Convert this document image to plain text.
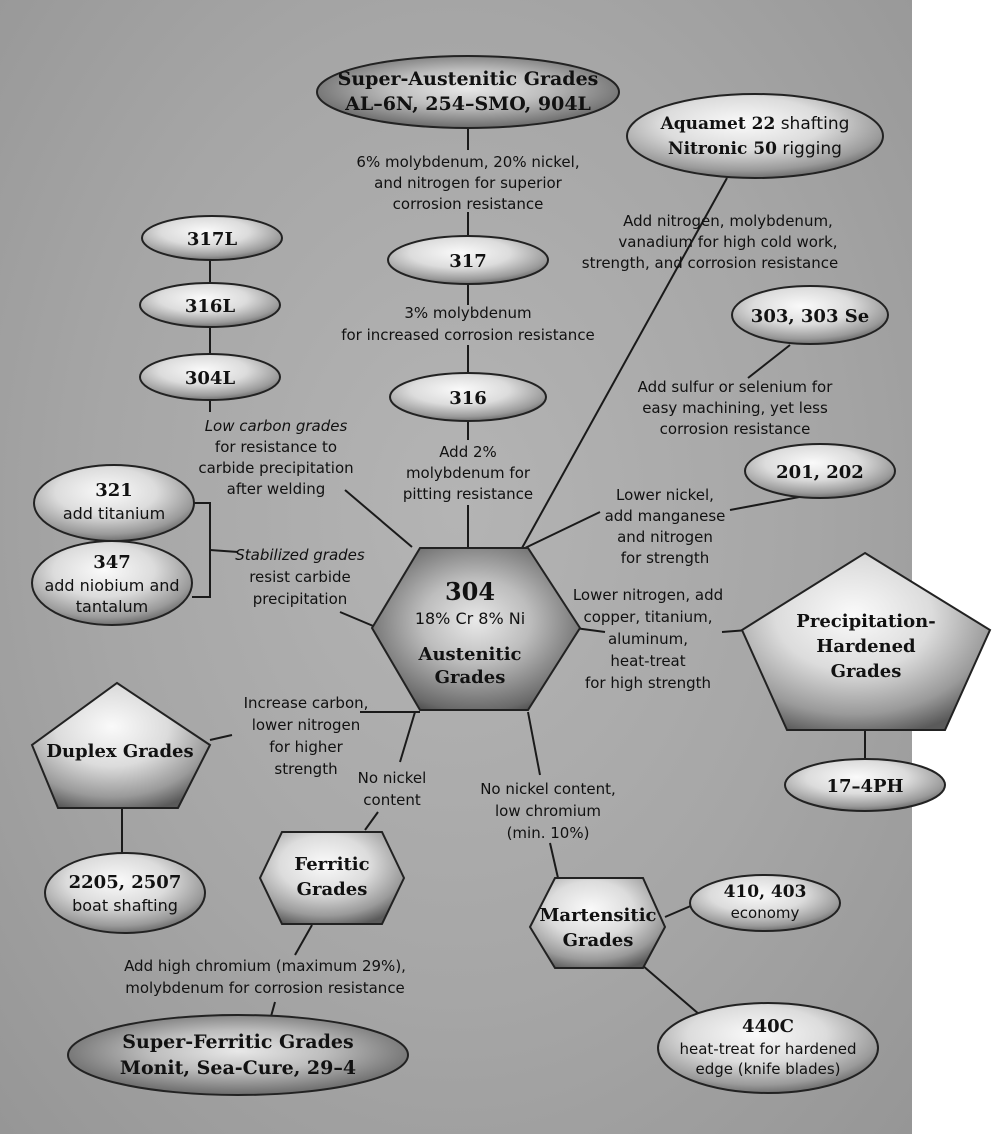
Super-Austenitic Grades
AL–6N, 254–SMO, 904L
Aquamet 22 shafting
Nitronic 50 rigging
317L
316L
304L
317
316
303, 303 Se
201, 202
321
add titanium
347
add niobium and
tantalum
304
18% Cr 8% Ni
Austenitic
Grades
Precipitation-
Hardened
Grades
17–4PH
Duplex Grades
2205, 2507
boat shafting
Ferritic
Grades
Martensitic
Grades
410, 403
economy
440C
heat-treat for hardened
edge (knife blades)
Super-Ferritic Grades
Monit, Sea-Cure, 29–4
6% molybdenum, 20% nickel,
and nitrogen for superior
corrosion resistance
Add nitrogen, molybdenum,
vanadium for high cold work,
strength, and corrosion resistance
3% molybdenum
for increased corrosion resistance
Add sulfur or selenium for
easy machining, yet less
corrosion resistance
Low carbon grades
for resistance to
carbide precipitation
after welding
Add 2%
molybdenum for
pitting resistance	Lower nickel,
add manganese
and nitrogen
for strength
Stabilized grades
resist carbide
precipitation	Lower nitrogen, add
copper, titanium,
aluminum,
heat-treat
for high strength
Increase carbon,
lower nitrogen
for higher
strength No nickel
content
No nickel content,
low chromium
(min. 10%)
Add high chromium (maximum 29%),
molybdenum for corrosion resistance
